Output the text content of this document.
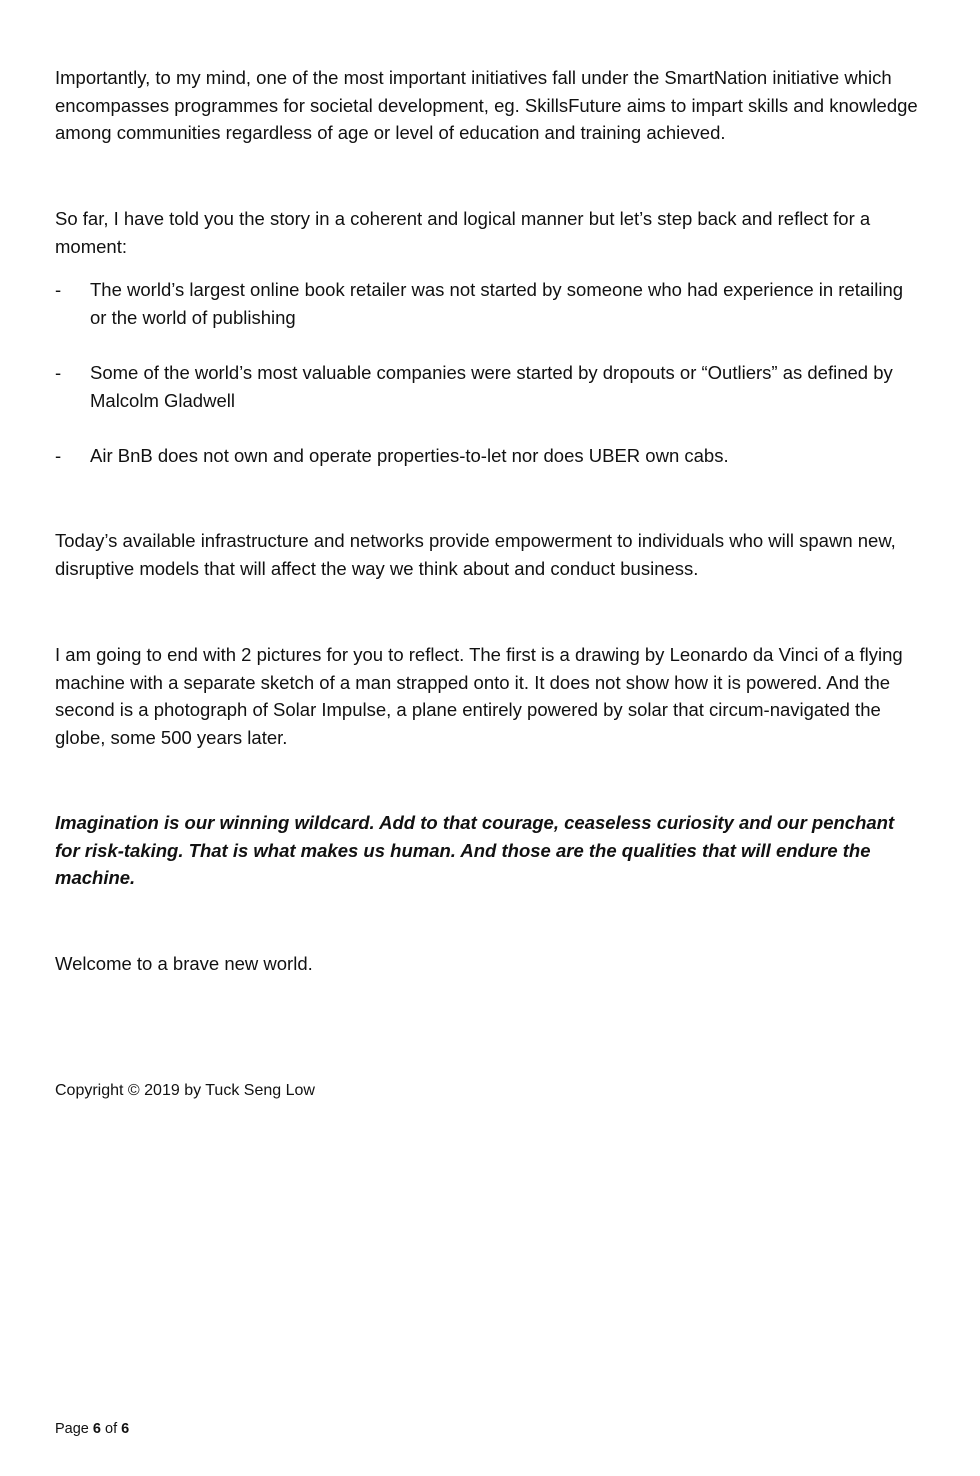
Importantly, to my mind, one of the most important initiatives fall under the SmartNation initiative which encompasses programmes for societal development, eg. SkillsFuture aims to impart skills and knowledge among communities regardless of age or level of education and training achieved.

So far, I have told you the story in a coherent and logical manner but let’s step back and reflect for a moment:

-	The world’s largest online book retailer was not started by someone who had experience in retailing or the world of publishing
-	Some of the world’s most valuable companies were started by dropouts or “Outliers” as defined by Malcolm Gladwell
-	Air BnB does not own and operate properties-to-let nor does UBER own cabs.

Today’s available infrastructure and networks provide empowerment to individuals who will spawn new, disruptive models that will affect the way we think about and conduct business.

I am going to end with 2 pictures for you to reflect. The first is a drawing by Leonardo da Vinci of a flying machine with a separate sketch of a man strapped onto it. It does not show how it is powered. And the second is a photograph of Solar Impulse, a plane entirely powered by solar that circum-navigated the globe, some 500 years later.

Imagination is our winning wildcard. Add to that courage, ceaseless curiosity and our penchant for risk-taking. That is what makes us human. And those are the qualities that will endure the machine.

Welcome to a brave new world.

Copyright © 2019 by Tuck Seng Low
Page 6 of 6
